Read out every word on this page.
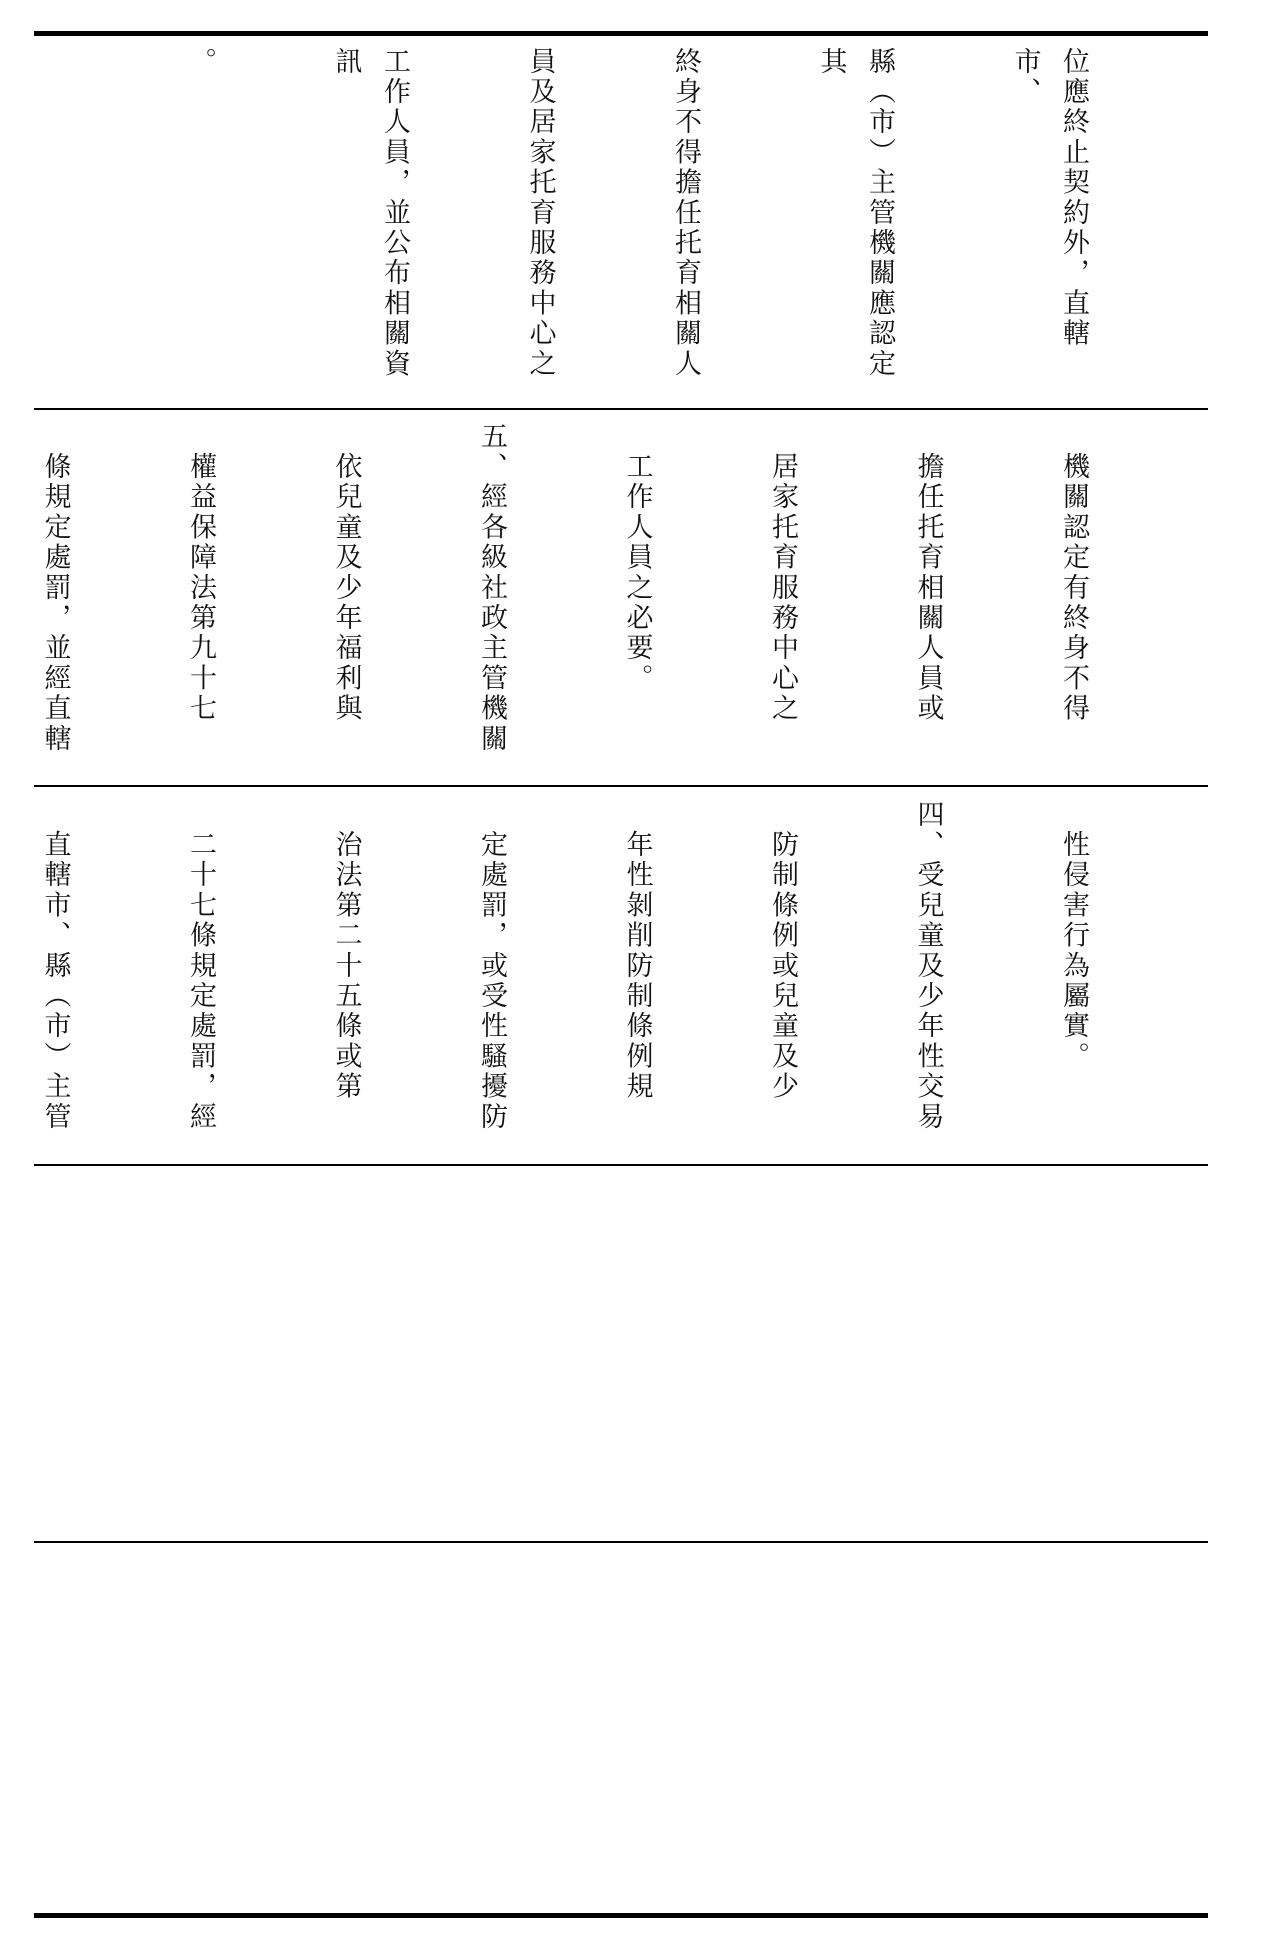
位應終止契約外，直轄市、

縣（市）主管機關應認定其

終身不得擔任托育相關人

員及居家托育服務中心之

工作人員，並公布相關資訊

。

　機關認定有終身不得

　擔任托育相關人員或

　居家托育服務中心之

　工作人員之必要。

五、經各級社政主管機關

　依兒童及少年福利與

　權益保障法第九十七

　條規定處罰，並經直轄

　性侵害行為屬實。

四、受兒童及少年性交易

　防制條例或兒童及少

　年性剝削防制條例規

　定處罰，或受性騷擾防

　治法第二十五條或第

　二十七條規定處罰，經

　直轄市、縣（市）主管
